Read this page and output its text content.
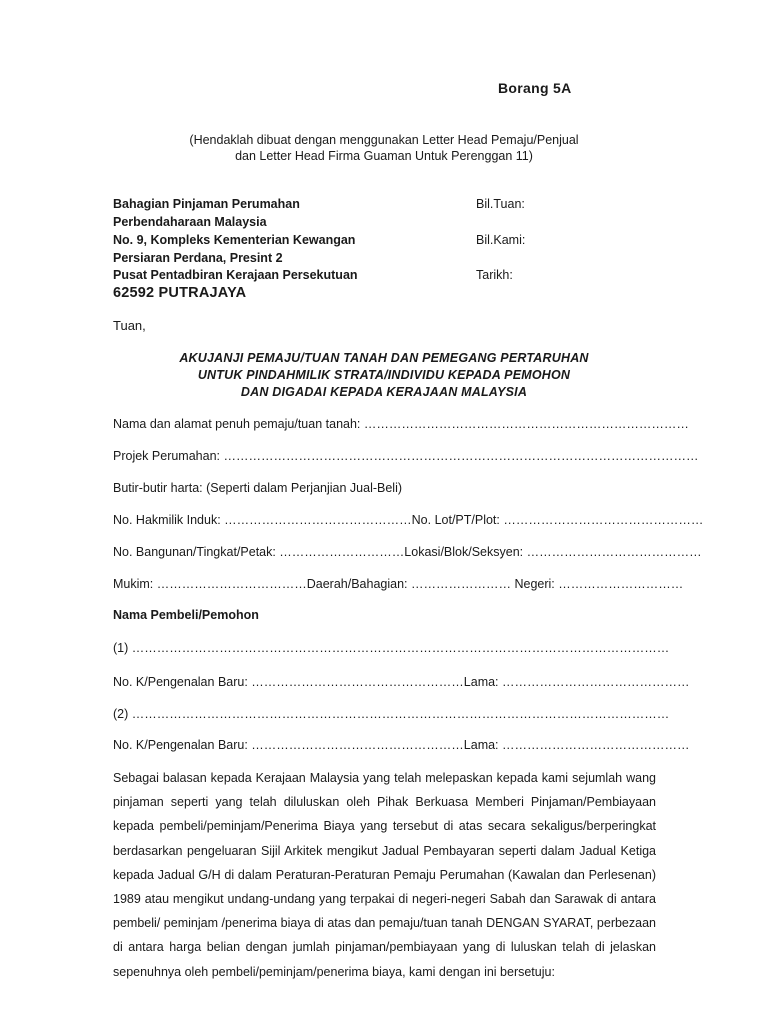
Borang 5A
(Hendaklah dibuat dengan menggunakan Letter Head Pemaju/Penjual
dan Letter Head Firma Guaman Untuk Perenggan 11)
Bahagian Pinjaman Perumahan
Perbendaharaan Malaysia
No. 9, Kompleks Kementerian Kewangan
Persiaran Perdana, Presint 2
Pusat Pentadbiran Kerajaan Persekutuan
62592 PUTRAJAYA
Bil.Tuan:
Bil.Kami:
Tarikh:
Tuan,
AKUJANJI PEMAJU/TUAN TANAH DAN PEMEGANG PERTARUHAN
UNTUK PINDAHMILIK STRATA/INDIVIDU KEPADA PEMOHON
DAN DIGADAI KEPADA KERAJAAN MALAYSIA
Nama dan alamat penuh pemaju/tuan tanah: ……………………………………………………………………
Projek Perumahan: ……………………………………………………………………………………………………
Butir-butir harta: (Seperti dalam Perjanjian Jual-Beli)
No. Hakmilik Induk: ………………………………………No. Lot/PT/Plot: …………………………………………
No. Bangunan/Tingkat/Petak: …………………………Lokasi/Blok/Seksyen: ……………………………………
Mukim: ………………………………Daerah/Bahagian: …………………… Negeri: …………………………
Nama Pembeli/Pemohon
(1) …………………………………………………………………………………………………………………
No. K/Pengenalan Baru: ……………………………………………Lama: ………………………………………
(2) …………………………………………………………………………………………………………………
No. K/Pengenalan Baru: ……………………………………………Lama: ………………………………………
Sebagai balasan kepada Kerajaan Malaysia yang telah melepaskan kepada kami sejumlah wang pinjaman seperti yang telah diluluskan oleh Pihak Berkuasa Memberi Pinjaman/Pembiayaan kepada pembeli/peminjam/Penerima Biaya yang tersebut di atas secara sekaligus/berperingkat berdasarkan pengeluaran Sijil Arkitek mengikut Jadual Pembayaran seperti dalam Jadual Ketiga kepada Jadual G/H di dalam Peraturan-Peraturan Pemaju Perumahan (Kawalan dan Perlesenan) 1989 atau mengikut undang-undang yang terpakai di negeri-negeri Sabah dan Sarawak di antara pembeli/ peminjam /penerima biaya di atas dan pemaju/tuan tanah DENGAN SYARAT, perbezaan di antara harga belian dengan jumlah pinjaman/pembiayaan yang di luluskan telah di jelaskan sepenuhnya oleh pembeli/peminjam/penerima biaya, kami dengan ini bersetuju:
